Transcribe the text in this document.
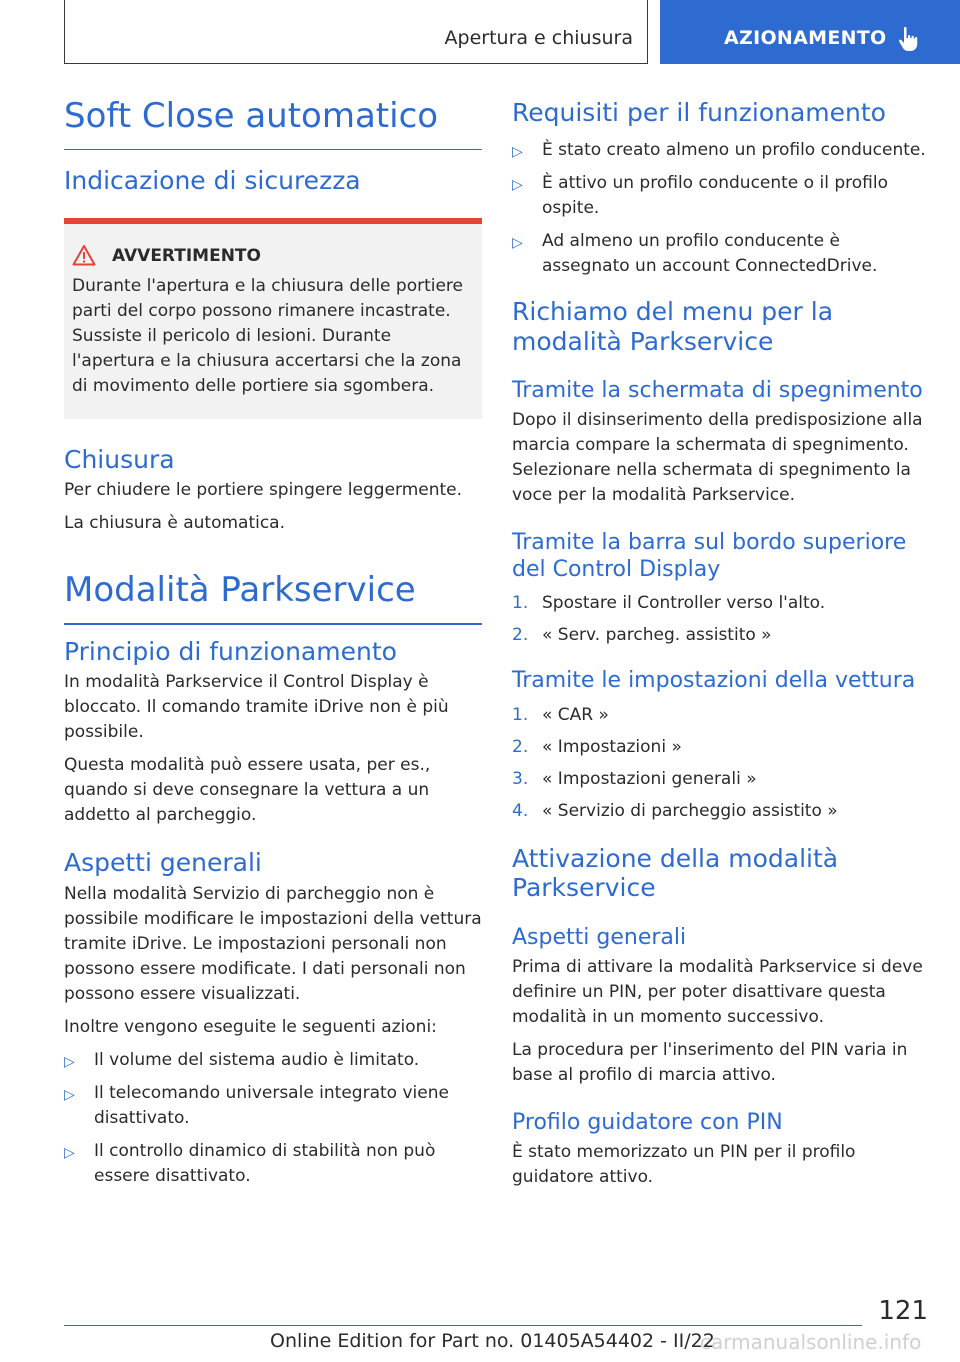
Apertura e chiusura	AZIONAMENTO
Soft Close automatico
Indicazione di sicurezza
AVVERTIMENTO

Durante l'apertura e la chiusura delle portiere parti del corpo possono rimanere incastrate. Sussiste il pericolo di lesioni. Durante l'apertura e la chiusura accertarsi che la zona di movimento delle portiere sia sgombera.

Chiusura

Per chiudere le portiere spingere leggermente.

La chiusura è automatica.

Modalità Parkservice
Principio di funzionamento

In modalità Parkservice il Control Display è bloccato. Il comando tramite iDrive non è più possibile.

Questa modalità può essere usata, per es., quando si deve consegnare la vettura a un addetto al parcheggio.

Aspetti generali

Nella modalità Servizio di parcheggio non è possibile modificare le impostazioni della vettura tramite iDrive. Le impostazioni personali non possono essere modificate. I dati personali non possono essere visualizzati.

Inoltre vengono eseguite le seguenti azioni:

▷ Il volume del sistema audio è limitato.
▷ Il telecomando universale integrato viene disattivato.
▷ Il controllo dinamico di stabilità non può essere disattivato.
Requisiti per il funzionamento
▷ È stato creato almeno un profilo conducente.
▷ È attivo un profilo conducente o il profilo ospite.
▷ Ad almeno un profilo conducente è assegnato un account ConnectedDrive.
Richiamo del menu per la modalità Parkservice
Tramite la schermata di spegnimento

Dopo il disinserimento della predisposizione alla marcia compare la schermata di spegnimento. Selezionare nella schermata di spegnimento la voce per la modalità Parkservice.

Tramite la barra sul bordo superiore del Control Display
1. Spostare il Controller verso l'alto.
2. « Serv. parcheg. assistito »
Tramite le impostazioni della vettura
1. « CAR »
2. « Impostazioni »
3. « Impostazioni generali »
4. « Servizio di parcheggio assistito »
Attivazione della modalità Parkservice
Aspetti generali

Prima di attivare la modalità Parkservice si deve definire un PIN, per poter disattivare questa modalità in un momento successivo.

La procedura per l'inserimento del PIN varia in base al profilo di marcia attivo.

Profilo guidatore con PIN

È stato memorizzato un PIN per il profilo guidatore attivo.

121
Online Edition for Part no. 01405A54402 - II/22
carmanualsonline.info
